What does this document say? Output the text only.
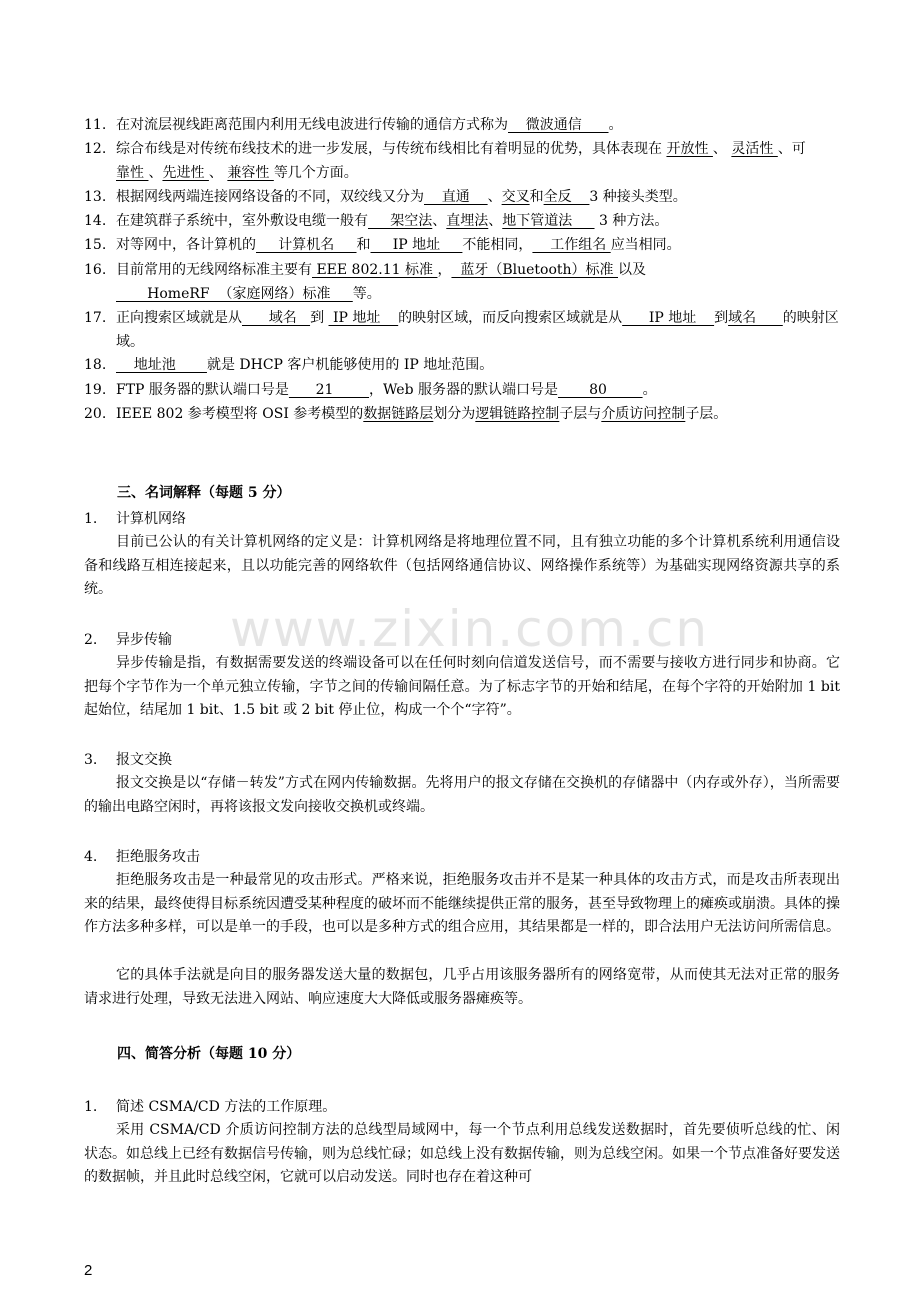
11. 在对流层视线距离范围内利用无线电波进行传输的通信方式称为    微波通信      。
12. 综合布线是对传统布线技术的进一步发展，与传统布线相比有着明显的优势，具体表现在 开放性 、 灵活性 、可靠性 、先进性 、 兼容性 等几个方面。
13. 根据网线两端连接网络设备的不同，双绞线又分为    直通    、交叉和全反    3 种接头类型。
14. 在建筑群子系统中，室外敷设电缆一般有     架空法、直埋法、地下管道法      3 种方法。
15. 对等网中，各计算机的     计算机名     和     IP 地址     不能相同，    工作组名 应当相同。
16. 目前常用的无线网络标准主要有 EEE 802.11 标准 ，  蓝牙（Bluetooth）标准 以及       HomeRF  （家庭网络）标准     等。
17. 正向搜索区域就是从      域名   到  IP 地址    的映射区域，而反向搜索区域就是从      IP 地址    到域名      的映射区域。
18. 地址池       就是 DHCP 客户机能够使用的 IP 地址范围。
19. FTP 服务器的默认端口号是      21        ，Web 服务器的默认端口号是       80        。
20. IEEE 802 参考模型将 OSI 参考模型的数据链路层划分为逻辑链路控制子层与介质访问控制子层。
三、名词解释（每题 5 分）
1. 计算机网络
目前已公认的有关计算机网络的定义是：计算机网络是将地理位置不同，且有独立功能的多个计算机系统利用通信设备和线路互相连接起来，且以功能完善的网络软件（包括网络通信协议、网络操作系统等）为基础实现网络资源共享的系统。
2. 异步传输
异步传输是指，有数据需要发送的终端设备可以在任何时刻向信道发送信号，而不需要与接收方进行同步和协商。它把每个字节作为一个单元独立传输，字节之间的传输间隔任意。为了标志字节的开始和结尾，在每个字符的开始附加 1 bit 起始位，结尾加 1 bit、1.5 bit 或 2 bit 停止位，构成一个个“字符”。
3. 报文交换
报文交换是以“存储－转发”方式在网内传输数据。先将用户的报文存储在交换机的存储器中（内存或外存），当所需要的输出电路空闲时，再将该报文发向接收交换机或终端。
4. 拒绝服务攻击
拒绝服务攻击是一种最常见的攻击形式。严格来说，拒绝服务攻击并不是某一种具体的攻击方式，而是攻击所表现出来的结果，最终使得目标系统因遭受某种程度的破坏而不能继续提供正常的服务，甚至导致物理上的瘫痪或崩溃。具体的操作方法多种多样，可以是单一的手段，也可以是多种方式的组合应用，其结果都是一样的，即合法用户无法访问所需信息。
它的具体手法就是向目的服务器发送大量的数据包，几乎占用该服务器所有的网络宽带，从而使其无法对正常的服务请求进行处理，导致无法进入网站、响应速度大大降低或服务器瘫痪等。
四、简答分析（每题 10 分）
1. 简述 CSMA/CD 方法的工作原理。
采用 CSMA/CD 介质访问控制方法的总线型局域网中，每一个节点利用总线发送数据时，首先要侦听总线的忙、闲状态。如总线上已经有数据信号传输，则为总线忙碌；如总线上没有数据传输，则为总线空闲。如果一个节点准备好要发送的数据帧，并且此时总线空闲，它就可以启动发送。同时也存在着这种可
www.zixin.com.cn
2
